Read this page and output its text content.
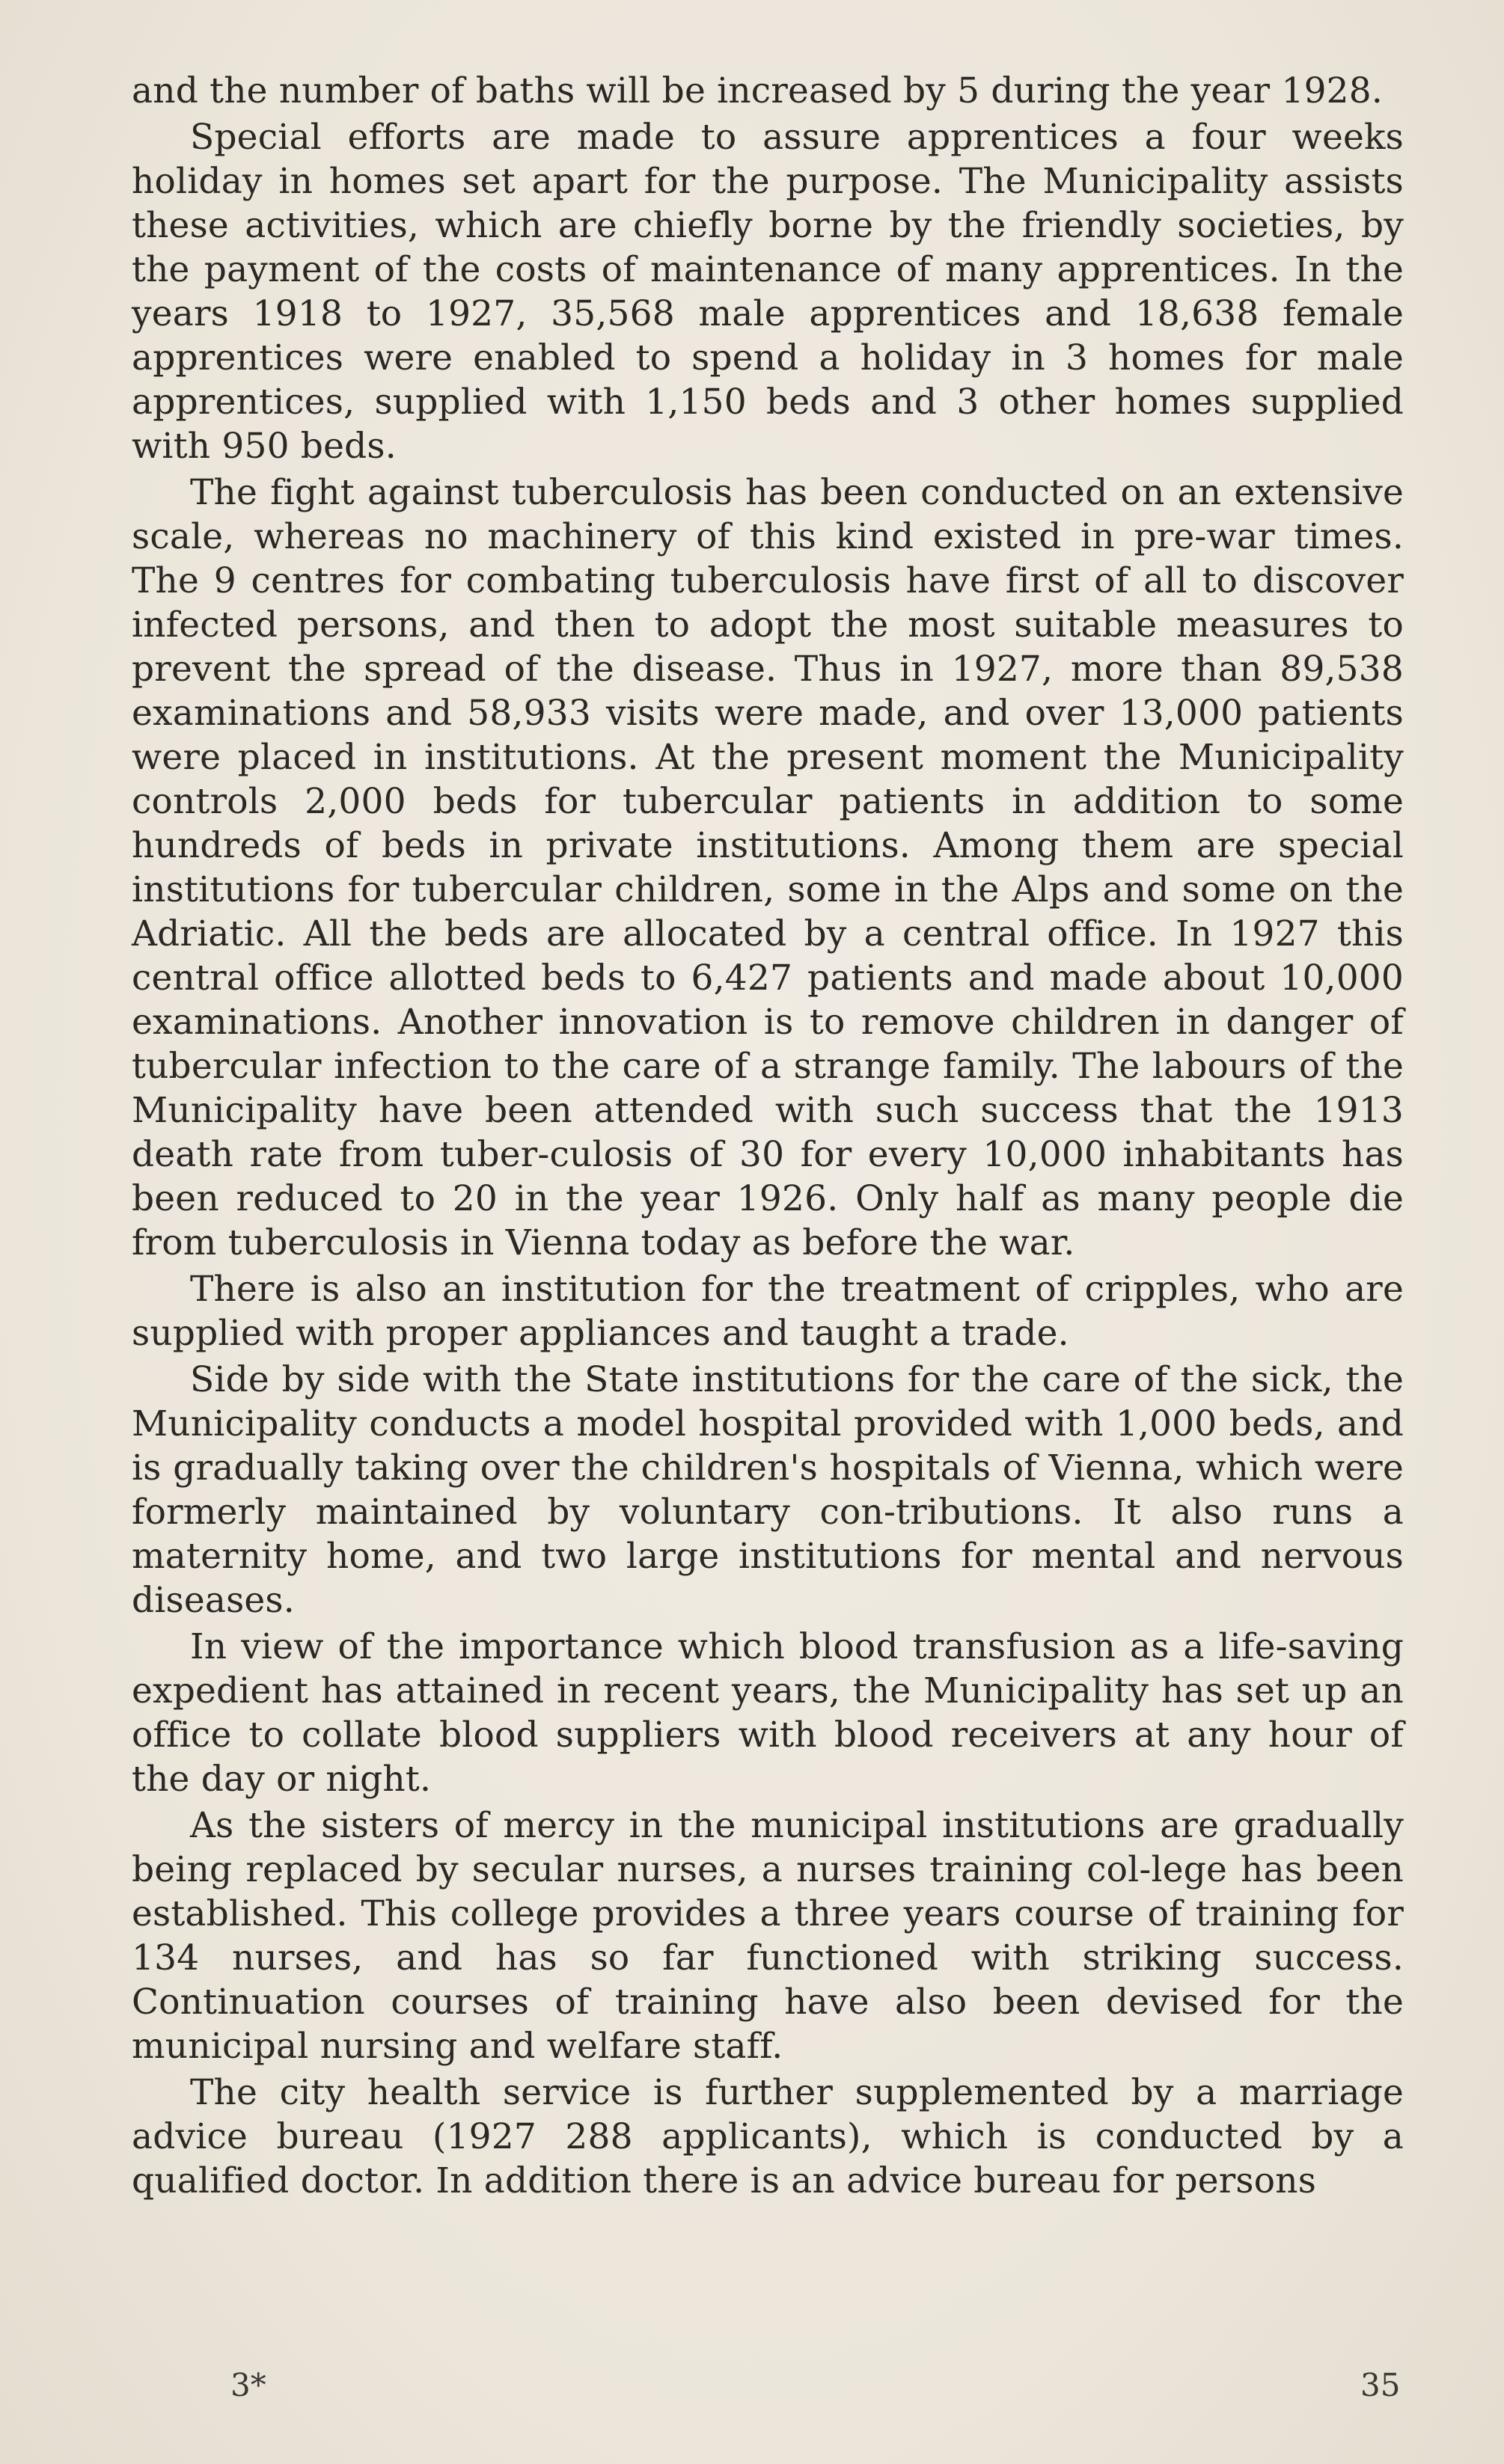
and the number of baths will be increased by 5 during the year 1928.

Special efforts are made to assure apprentices a four weeks holiday in homes set apart for the purpose. The Municipality assists these activities, which are chiefly borne by the friendly societies, by the payment of the costs of maintenance of many apprentices. In the years 1918 to 1927, 35,568 male apprentices and 18,638 female apprentices were enabled to spend a holiday in 3 homes for male apprentices, supplied with 1,150 beds and 3 other homes supplied with 950 beds.

The fight against tuberculosis has been conducted on an extensive scale, whereas no machinery of this kind existed in pre-war times. The 9 centres for combating tuberculosis have first of all to discover infected persons, and then to adopt the most suitable measures to prevent the spread of the disease. Thus in 1927, more than 89,538 examinations and 58,933 visits were made, and over 13,000 patients were placed in institutions. At the present moment the Municipality controls 2,000 beds for tubercular patients in addition to some hundreds of beds in private institutions. Among them are special institutions for tubercular children, some in the Alps and some on the Adriatic. All the beds are allocated by a central office. In 1927 this central office allotted beds to 6,427 patients and made about 10,000 examinations. Another innovation is to remove children in danger of tubercular infection to the care of a strange family. The labours of the Municipality have been attended with such success that the 1913 death rate from tuber-culosis of 30 for every 10,000 inhabitants has been reduced to 20 in the year 1926. Only half as many people die from tuberculosis in Vienna today as before the war.

There is also an institution for the treatment of cripples, who are supplied with proper appliances and taught a trade.

Side by side with the State institutions for the care of the sick, the Municipality conducts a model hospital provided with 1,000 beds, and is gradually taking over the children's hospitals of Vienna, which were formerly maintained by voluntary con-tributions. It also runs a maternity home, and two large institutions for mental and nervous diseases.

In view of the importance which blood transfusion as a life-saving expedient has attained in recent years, the Municipality has set up an office to collate blood suppliers with blood receivers at any hour of the day or night.

As the sisters of mercy in the municipal institutions are gradually being replaced by secular nurses, a nurses training col-lege has been established. This college provides a three years course of training for 134 nurses, and has so far functioned with striking success. Continuation courses of training have also been devised for the municipal nursing and welfare staff.

The city health service is further supplemented by a marriage advice bureau (1927 288 applicants), which is conducted by a qualified doctor. In addition there is an advice bureau for persons

3*	35
